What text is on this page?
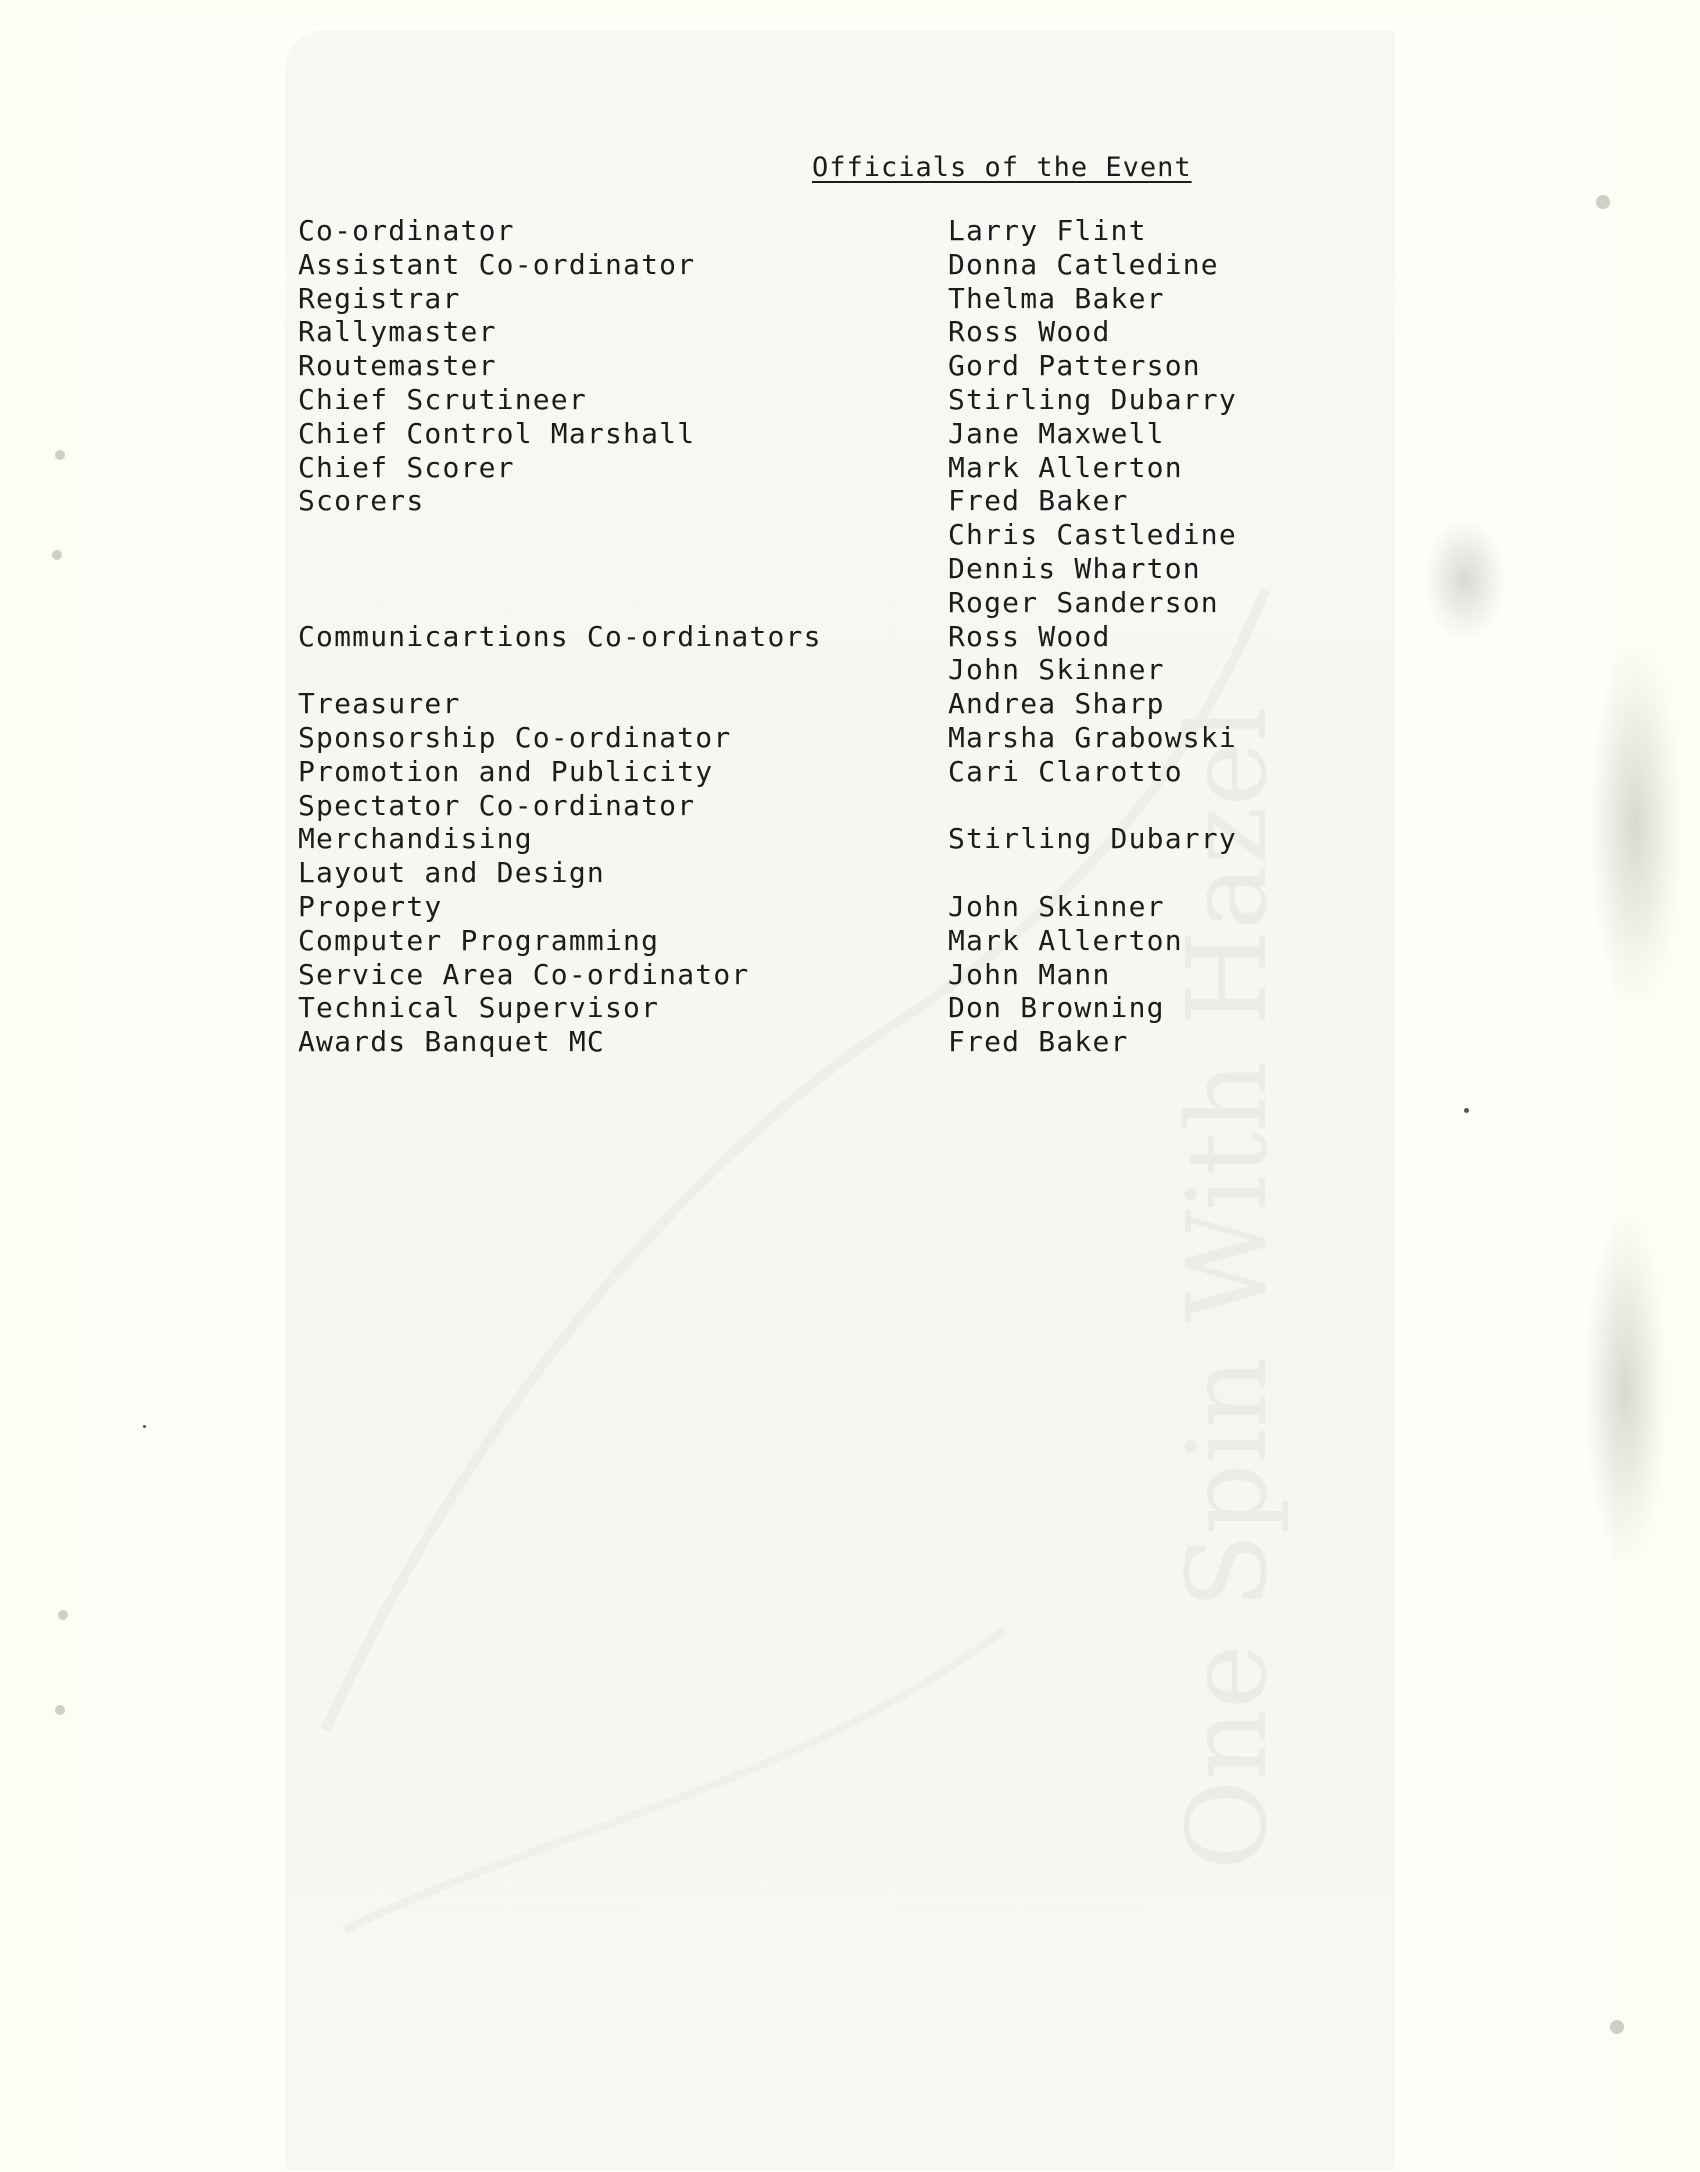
One Spin With Hazel
Officials of the Event
Co-ordinator
Assistant Co-ordinator
Registrar
Rallymaster
Routemaster
Chief Scrutineer
Chief Control Marshall
Chief Scorer
Scorers
Communicartions Co-ordinators
Treasurer
Sponsorship Co-ordinator
Promotion and Publicity
Spectator Co-ordinator
Merchandising
Layout and Design
Property
Computer Programming
Service Area Co-ordinator
Technical Supervisor
Awards Banquet MC
Larry Flint
Donna Catledine
Thelma Baker
Ross Wood
Gord Patterson
Stirling Dubarry
Jane Maxwell
Mark Allerton
Fred Baker
Chris Castledine
Dennis Wharton
Roger Sanderson
Ross Wood
John Skinner
Andrea Sharp
Marsha Grabowski
Cari Clarotto
Stirling Dubarry
John Skinner
Mark Allerton
John Mann
Don Browning
Fred Baker
